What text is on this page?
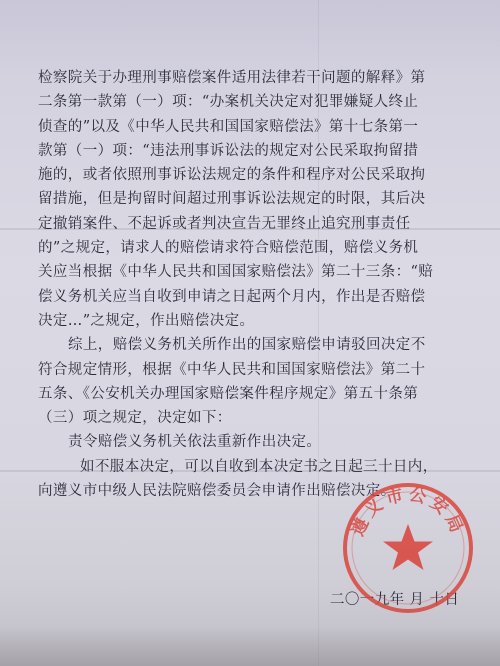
检察院关于办理刑事赔偿案件适用法律若干问题的解释》第
二条第一款第（一）项：“办案机关决定对犯罪嫌疑人终止
侦查的”以及《中华人民共和国国家赔偿法》第十七条第一
款第（一）项：“违法刑事诉讼法的规定对公民采取拘留措
施的，或者依照刑事诉讼法规定的条件和程序对公民采取拘
留措施，但是拘留时间超过刑事诉讼法规定的时限，其后决
定撤销案件、不起诉或者判决宣告无罪终止追究刑事责任
的”之规定，请求人的赔偿请求符合赔偿范围，赔偿义务机
关应当根据《中华人民共和国国家赔偿法》第二十三条：“赔
偿义务机关应当自收到申请之日起两个月内，作出是否赔偿
决定…”之规定，作出赔偿决定。
综上，赔偿义务机关所作出的国家赔偿申请驳回决定不
符合规定情形，根据《中华人民共和国国家赔偿法》第二十
五条、《公安机关办理国家赔偿案件程序规定》第五十条第
（三）项之规定，决定如下：
责令赔偿义务机关依法重新作出决定。
如不服本决定，可以自收到本决定书之日起三十日内，
向遵义市中级人民法院赔偿委员会申请作出赔偿决定。
二〇一九年 月 十日
遵义市公安局
